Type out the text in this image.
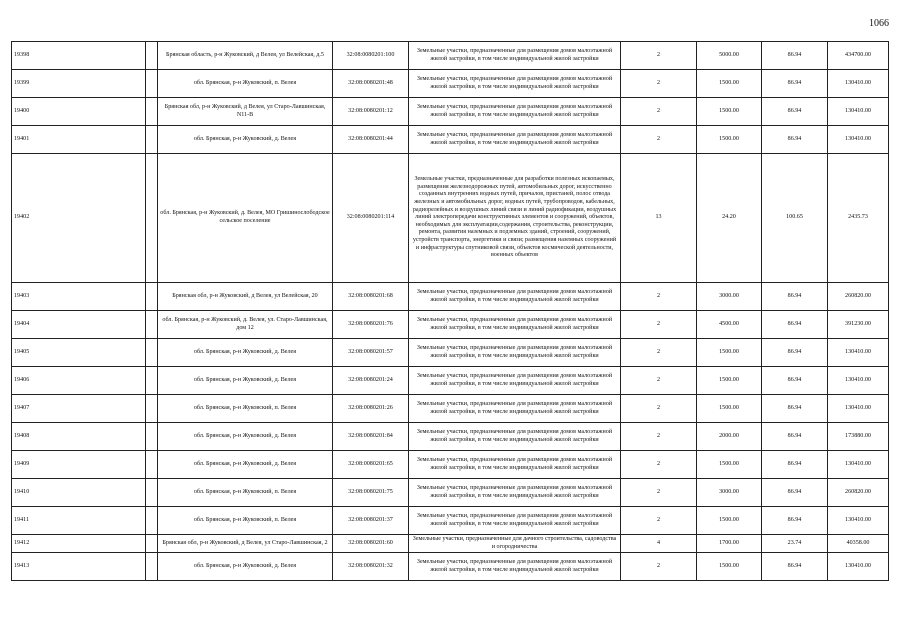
1066
19398		Брянская область, р-н Жуковский, д Велея, ул Велейская, д.5	32:08:0080201:100	Земельные участки, предназначенные для размещения домов малоэтажной жилой застройки, в том числе индивидуальной жилой застройки	2	5000.00	86.94	434700.00
19399		обл. Брянская, р-н Жуковский, п. Велея	32:08:0080201:48	Земельные участки, предназначенные для размещения домов малоэтажной жилой застройки, в том числе индивидуальной жилой застройки	2	1500.00	86.94	130410.00
19400		Брянская обл, р-н Жуковский, д Велея, ул Старо-Лавшинская, N11-В	32:08:0080201:12	Земельные участки, предназначенные для размещения домов малоэтажной жилой застройки, в том числе индивидуальной жилой застройки	2	1500.00	86.94	130410.00
19401		обл. Брянская, р-н Жуковский, д. Велея	32:08:0080201:44	Земельные участки, предназначенные для размещения домов малоэтажной жилой застройки, в том числе индивидуальной жилой застройки	2	1500.00	86.94	130410.00
19402		обл. Брянская, р-н Жуковский, д. Велея, МО Гришинослободское сельское поселение	32:08:0080201:114	Земельные участки, предназначенные для разработки полезных ископаемых, размещения железнодорожных путей, автомобильных дорог, искусственно созданных внутренних водных путей, причалов, пристаней, полос отвода железных и автомобильных дорог, водных путей, трубопроводов, кабельных, радиорелейных и воздушных линий связи и линий радиофикации, воздушных линий электропередачи конструктивных элементов и сооружений, объектов, необходимых для эксплуатации,содержания, строительства, реконструкции, ремонта, развития наземных и подземных зданий, строений, сооружений, устройств транспорта, энергетики и связи; размещения наземных сооружений и инфраструктуры спутниковой связи, объектов космической деятельности, военных объектов	13	24.20	100.65	2435.73
19403		Брянская обл, р-н Жуковский, д Велея, ул Велейская, 20	32:08:0080201:68	Земельные участки, предназначенные для размещения домов малоэтажной жилой застройки, в том числе индивидуальной жилой застройки	2	3000.00	86.94	260820.00
19404		обл. Брянская, р-н Жуковский, д. Велея, ул. Старо-Лавшинская, дом 12	32:08:0080201:76	Земельные участки, предназначенные для размещения домов малоэтажной жилой застройки, в том числе индивидуальной жилой застройки	2	4500.00	86.94	391230.00
19405		обл. Брянская, р-н Жуковский, д. Велея	32:08:0080201:57	Земельные участки, предназначенные для размещения домов малоэтажной жилой застройки, в том числе индивидуальной жилой застройки	2	1500.00	86.94	130410.00
19406		обл. Брянская, р-н Жуковский, д. Велея	32:08:0080201:24	Земельные участки, предназначенные для размещения домов малоэтажной жилой застройки, в том числе индивидуальной жилой застройки	2	1500.00	86.94	130410.00
19407		обл. Брянская, р-н Жуковский, п. Велея	32:08:0080201:26	Земельные участки, предназначенные для размещения домов малоэтажной жилой застройки, в том числе индивидуальной жилой застройки	2	1500.00	86.94	130410.00
19408		обл. Брянская, р-н Жуковский, д. Велея	32:08:0080201:84	Земельные участки, предназначенные для размещения домов малоэтажной жилой застройки, в том числе индивидуальной жилой застройки	2	2000.00	86.94	173880.00
19409		обл. Брянская, р-н Жуковский, д. Велея	32:08:0080201:65	Земельные участки, предназначенные для размещения домов малоэтажной жилой застройки, в том числе индивидуальной жилой застройки	2	1500.00	86.94	130410.00
19410		обл. Брянская, р-н Жуковский, п. Велея	32:08:0080201:75	Земельные участки, предназначенные для размещения домов малоэтажной жилой застройки, в том числе индивидуальной жилой застройки	2	3000.00	86.94	260820.00
19411		обл. Брянская, р-н Жуковский, п. Велея	32:08:0080201:37	Земельные участки, предназначенные для размещения домов малоэтажной жилой застройки, в том числе индивидуальной жилой застройки	2	1500.00	86.94	130410.00
19412		Брянская обл, р-н Жуковский, д Велея, ул Старо-Лавшинская, 2	32:08:0080201:60	Земельные участки, предназначенные для дачного строительства, садоводства и огородничества	4	1700.00	23.74	40358.00
19413		обл. Брянская, р-н Жуковский, д. Велея	32:08:0080201:32	Земельные участки, предназначенные для размещения домов малоэтажной жилой застройки, в том числе индивидуальной жилой застройки	2	1500.00	86.94	130410.00
